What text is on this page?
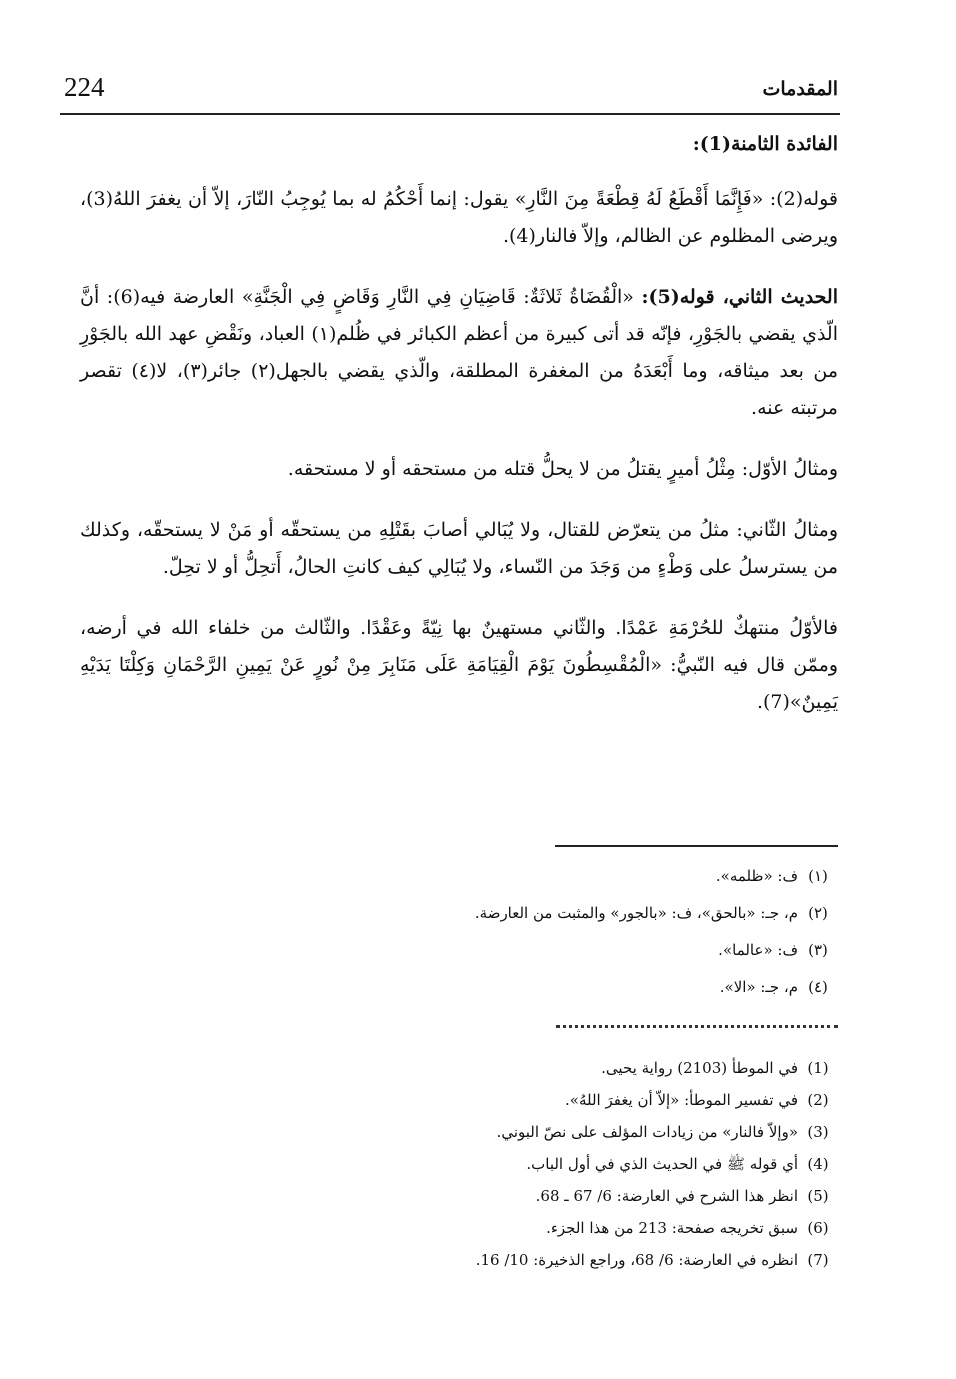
224	المقدمات

الفائدة الثامنة(1):

قوله(2): «فَإِنَّمَا أَقْطَعُ لَهُ قِطْعَةً مِنَ النَّارِ» يقول: إنما أَحْكُمُ له بما يُوجِبُ النّارَ، إلاّ أن يغفرَ اللهُ(3)، ويرضى المظلوم عن الظالم، وإلاّ فالنار(4).

الحديث الثاني، قوله(5): «الْقُضَاةُ ثَلاثَةٌ: قَاضِيَانِ فِي النَّارِ وَقَاضٍ فِي الْجَنَّةِ» العارضة فيه(6): أنَّ الّذي يقضي بالجَوْرِ، فإنّه قد أتى كبيرة من أعظم الكبائر في ظُلم(١) العباد، ونَقْضِ عهد الله بالجَوْرِ من بعد ميثاقه، وما أَبْعَدَهُ من المغفرة المطلقة، والّذي يقضي بالجهل(٢) جائر(٣)، لا(٤) تقصر مرتبته عنه.

ومثالُ الأوّل: مِثْلُ أميرٍ يقتلُ من لا يحلُّ قتله من مستحقه أو لا مستحقه.

ومثالُ الثّاني: مثلُ من يتعرّض للقتال، ولا يُبَالي أصابَ بقَتْلِهِ من يستحقّه أو مَنْ لا يستحقّه، وكذلك من يسترسلُ على وَطْءٍ من وَجَدَ من النّساء، ولا يُبَالِي كيف كانتِ الحالُ، أَتحِلُّ أو لا تحِلّ.

فالأوّلُ منتهكٌ للحُرْمَةِ عَمْدًا. والثّاني مستهينٌ بها نِيّةً وعَقْدًا. والثّالث من خلفاء الله في أرضه، وممّن قال فيه النّبيُّ: «الْمُقْسِطُونَ يَوْمَ الْقِيَامَةِ عَلَى مَنَابِرَ مِنْ نُورٍ عَنْ يَمِينِ الرَّحْمَانِ وَكِلْتَا يَدَيْهِ يَمِينٌ»(7).

(١)
ف: «ظلمه».
(٢)
م، جـ: «بالحق»، ف: «بالجور» والمثبت من العارضة.
(٣)
ف: «عالما».
(٤)
م، جـ: «الا».
(1)
في الموطأ (2103) رواية يحيى.
(2)
في تفسير الموطأ: «إلاّ أن يغفرَ اللهُ».
(3)
«وإلاّ فالنار» من زيادات المؤلف على نصّ البوني.
(4)
أي قوله ﷺ في الحديث الذي في أول الباب.
(5)
انظر هذا الشرح في العارضة: 6/ 67 ـ 68.
(6)
سبق تخريجه صفحة: 213 من هذا الجزء.
(7)
انظره في العارضة: 6/ 68، وراجع الذخيرة: 10/ 16.
